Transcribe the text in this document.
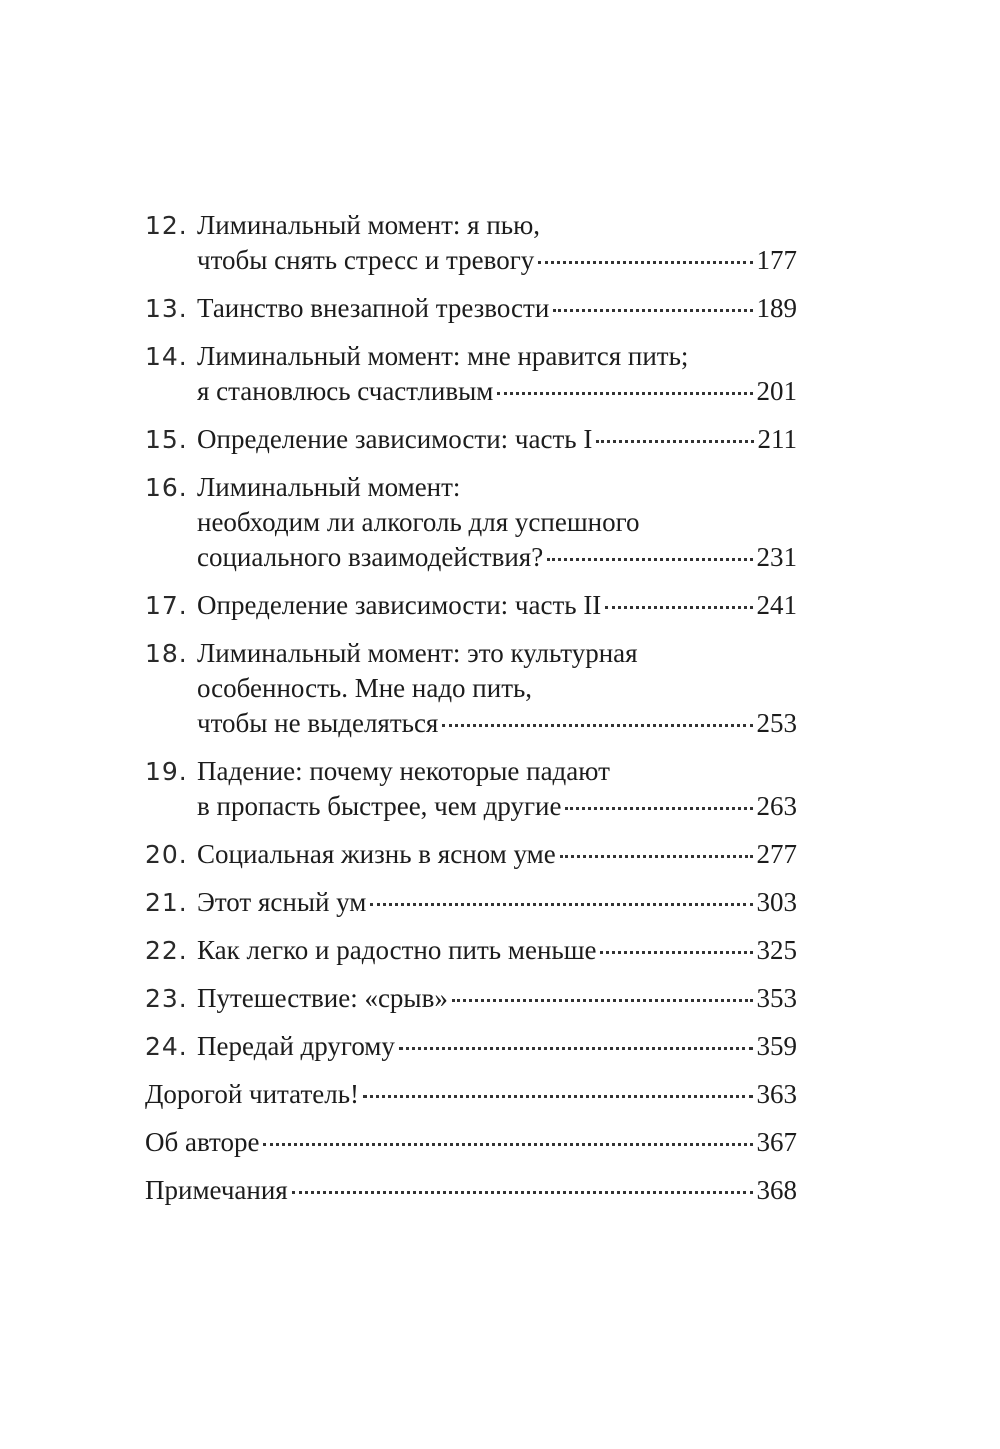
12. Лиминальный момент: я пью,
чтобы снять стресс и тревогу	177
13. Таинство внезапной трезвости	189
14. Лиминальный момент: мне нравится пить;
я становлюсь счастливым	201
15. Определение зависимости: часть I	211
16. Лиминальный момент:
необходим ли алкоголь для успешного
социального взаимодействия?	231
17. Определение зависимости: часть II	241
18. Лиминальный момент: это культурная
особенность. Мне надо пить,
чтобы не выделяться	253
19. Падение: почему некоторые падают
в пропасть быстрее, чем другие	263
20. Социальная жизнь в ясном уме	277
21. Этот ясный ум	303
22. Как легко и радостно пить меньше	325
23. Путешествие: «срыв»	353
24. Передай другому	359
Дорогой читатель!	363
Об авторе	367
Примечания	368
